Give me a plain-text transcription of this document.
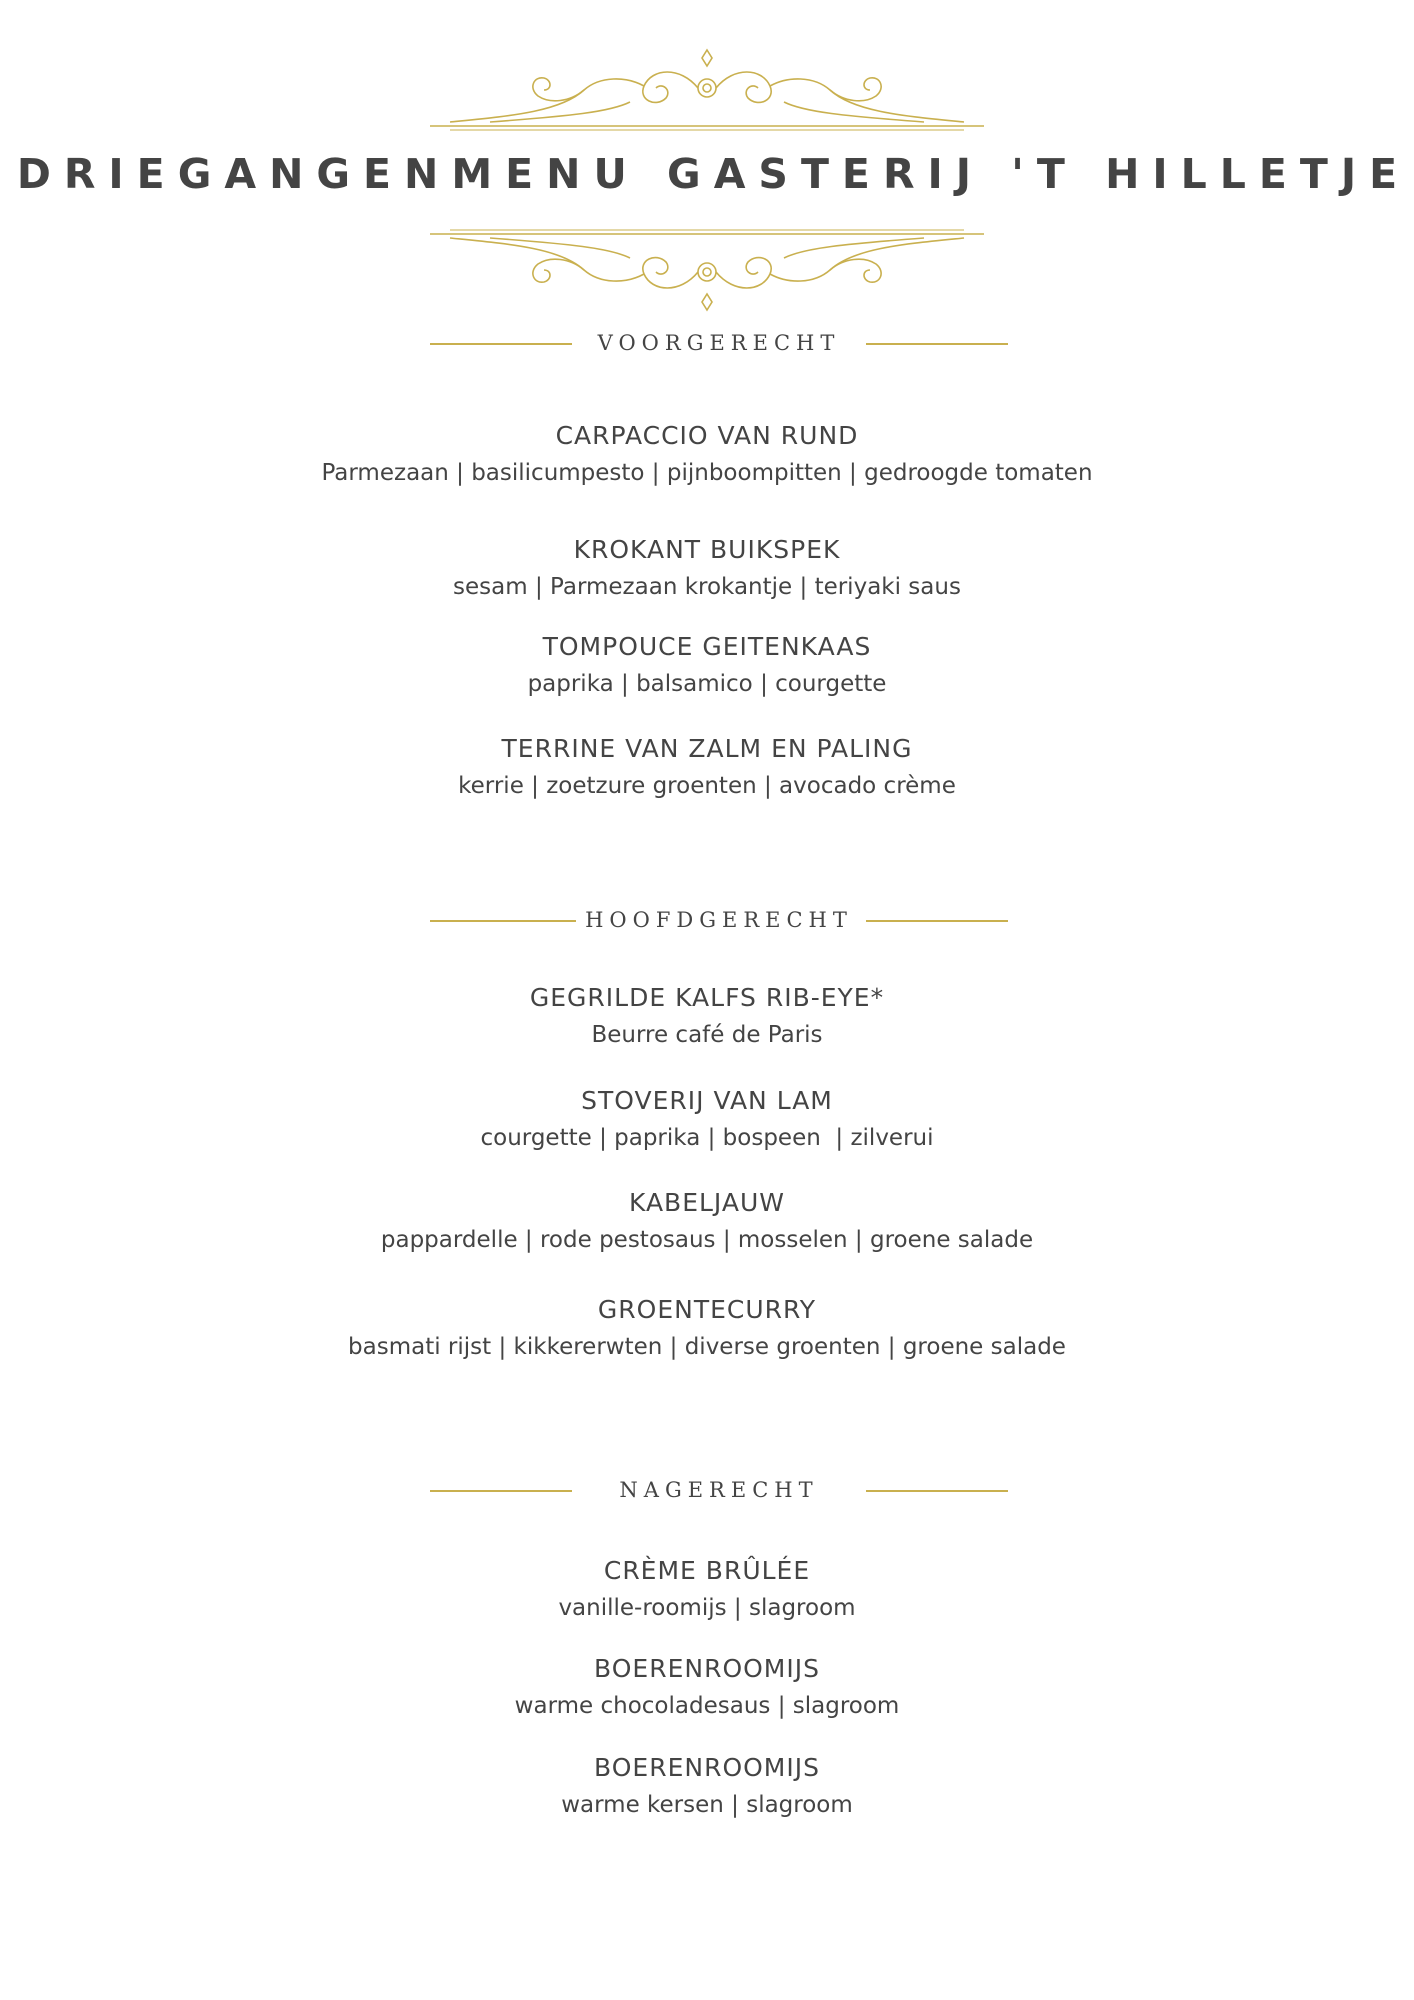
DRIEGANGENMENU GASTERIJ 'T HILLETJE
VOORGERECHT
CARPACCIO VAN RUND
Parmezaan | basilicumpesto | pijnboompitten | gedroogde tomaten
KROKANT BUIKSPEK
sesam | Parmezaan krokantje | teriyaki saus
TOMPOUCE GEITENKAAS
paprika | balsamico | courgette
TERRINE VAN ZALM EN PALING
kerrie | zoetzure groenten | avocado crème
HOOFDGERECHT
GEGRILDE KALFS RIB-EYE*
Beurre café de Paris
STOVERIJ VAN LAM
courgette | paprika | bospeen  | zilverui
KABELJAUW
pappardelle | rode pestosaus | mosselen | groene salade
GROENTECURRY
basmati rijst | kikkererwten | diverse groenten | groene salade
NAGERECHT
CRÈME BRÛLÉE
vanille-roomijs | slagroom
BOERENROOMIJS
warme chocoladesaus | slagroom
BOERENROOMIJS
warme kersen | slagroom
